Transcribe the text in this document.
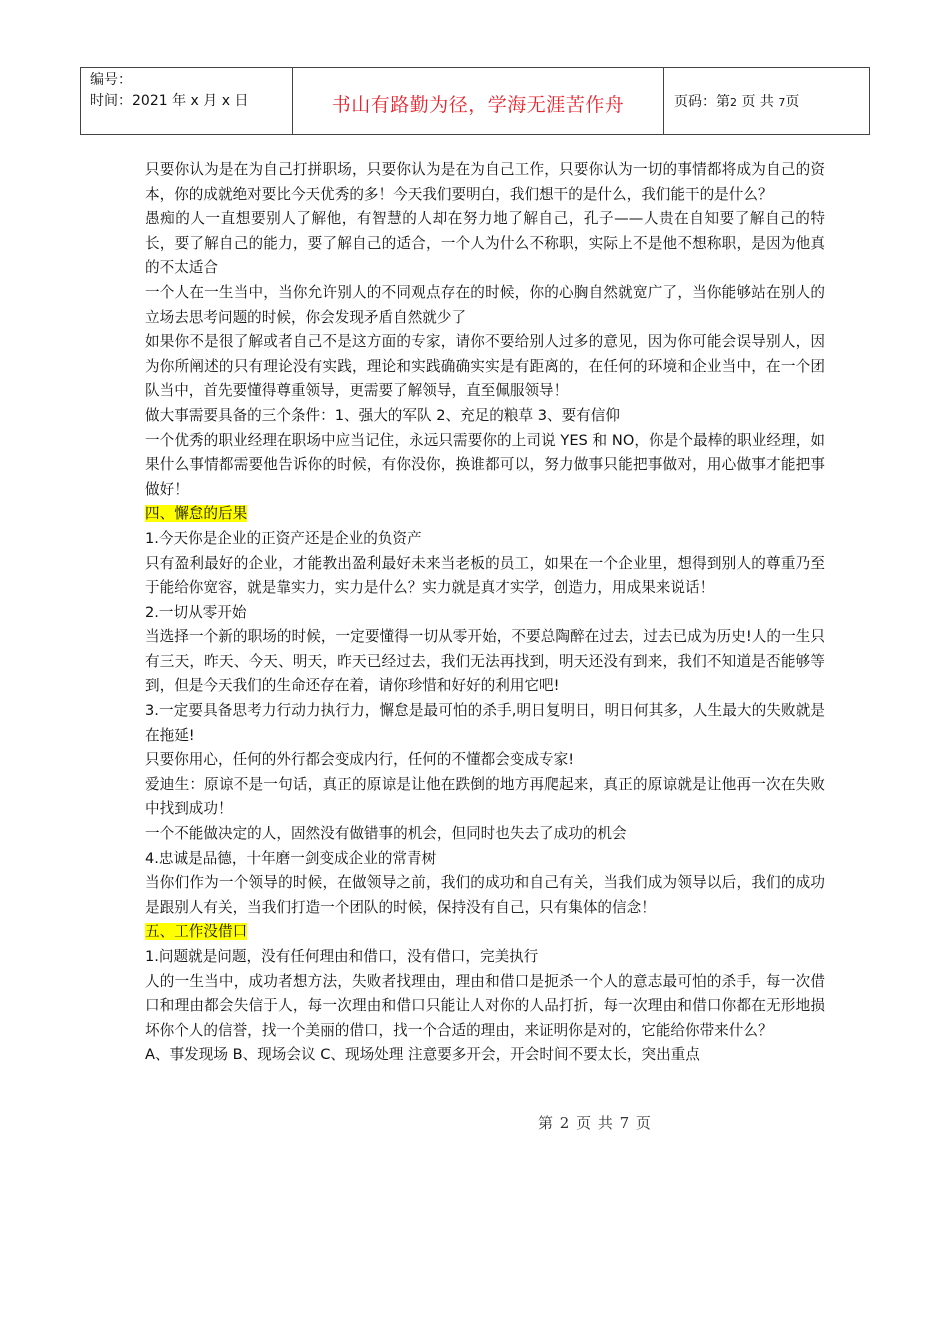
编号：
时间：2021 年 x 月 x 日	书山有路勤为径，学海无涯苦作舟	页码：第2 页 共 7页

只要你认为是在为自己打拼职场，只要你认为是在为自己工作，只要你认为一切的事情都将成为自己的资本，你的成就绝对要比今天优秀的多！今天我们要明白，我们想干的是什么，我们能干的是什么？

愚痴的人一直想要别人了解他，有智慧的人却在努力地了解自己，孔子——人贵在自知要了解自己的特长，要了解自己的能力，要了解自己的适合，一个人为什么不称职，实际上不是他不想称职，是因为他真的不太适合

一个人在一生当中，当你允许别人的不同观点存在的时候，你的心胸自然就宽广了，当你能够站在别人的立场去思考问题的时候，你会发现矛盾自然就少了

如果你不是很了解或者自己不是这方面的专家，请你不要给别人过多的意见，因为你可能会误导别人，因为你所阐述的只有理论没有实践，理论和实践确确实实是有距离的，在任何的环境和企业当中，在一个团队当中，首先要懂得尊重领导，更需要了解领导，直至佩服领导！

做大事需要具备的三个条件：1、强大的军队 2、充足的粮草 3、要有信仰

一个优秀的职业经理在职场中应当记住，永远只需要你的上司说 YES 和 NO，你是个最棒的职业经理，如果什么事情都需要他告诉你的时候，有你没你，换谁都可以，努力做事只能把事做对，用心做事才能把事做好！

四、懈怠的后果

1.今天你是企业的正资产还是企业的负资产

只有盈利最好的企业，才能教出盈利最好未来当老板的员工，如果在一个企业里，想得到别人的尊重乃至于能给你宽容，就是靠实力，实力是什么？实力就是真才实学，创造力，用成果来说话！

2.一切从零开始

当选择一个新的职场的时候，一定要懂得一切从零开始，不要总陶醉在过去，过去已成为历史!人的一生只有三天，昨天、今天、明天，昨天已经过去，我们无法再找到，明天还没有到来，我们不知道是否能够等到，但是今天我们的生命还存在着，请你珍惜和好好的利用它吧!

3.一定要具备思考力行动力执行力，懈怠是最可怕的杀手,明日复明日，明日何其多，人生最大的失败就是在拖延!

只要你用心，任何的外行都会变成内行，任何的不懂都会变成专家!

爱迪生：原谅不是一句话，真正的原谅是让他在跌倒的地方再爬起来，真正的原谅就是让他再一次在失败中找到成功！

一个不能做决定的人，固然没有做错事的机会，但同时也失去了成功的机会

4.忠诚是品德，十年磨一剑变成企业的常青树

当你们作为一个领导的时候，在做领导之前，我们的成功和自己有关，当我们成为领导以后，我们的成功是跟别人有关，当我们打造一个团队的时候，保持没有自己，只有集体的信念！

五、工作没借口

1.问题就是问题，没有任何理由和借口，没有借口，完美执行

人的一生当中，成功者想方法，失败者找理由，理由和借口是扼杀一个人的意志最可怕的杀手，每一次借口和理由都会失信于人，每一次理由和借口只能让人对你的人品打折，每一次理由和借口你都在无形地损坏你个人的信誉，找一个美丽的借口，找一个合适的理由，来证明你是对的，它能给你带来什么？

A、事发现场 B、现场会议 C、现场处理 注意要多开会，开会时间不要太长，突出重点

第 2 页 共 7 页
